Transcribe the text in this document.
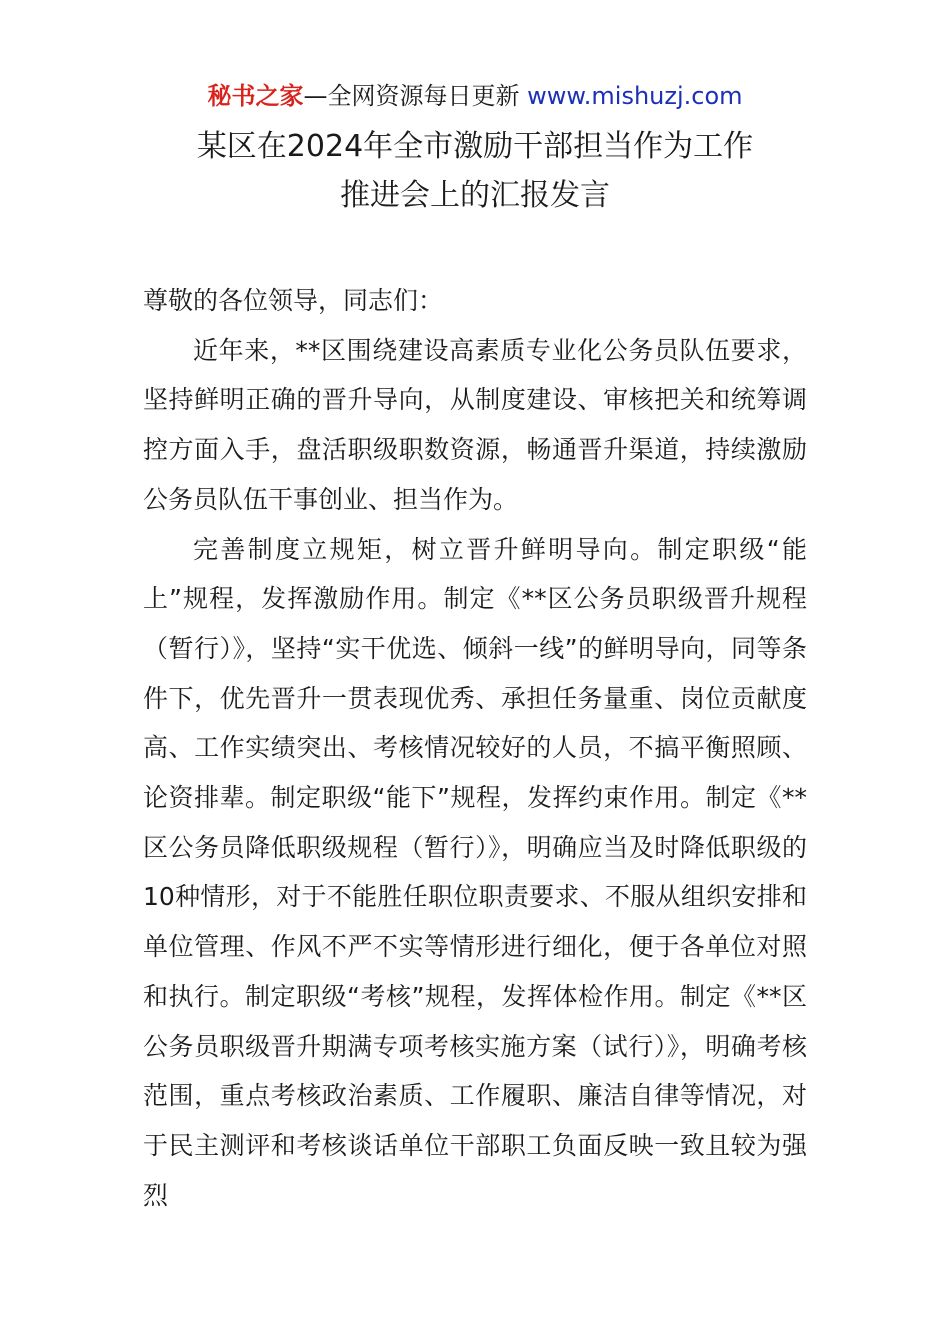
秘书之家—全网资源每日更新 www.mishuzj.com
某区在2024年全市激励干部担当作为工作
推进会上的汇报发言

尊敬的各位领导，同志们：

近年来，**区围绕建设高素质专业化公务员队伍要求，坚持鲜明正确的晋升导向，从制度建设、审核把关和统筹调控方面入手，盘活职级职数资源，畅通晋升渠道，持续激励公务员队伍干事创业、担当作为。

完善制度立规矩，树立晋升鲜明导向。制定职级“能上”规程，发挥激励作用。制定《**区公务员职级晋升规程（暂行）》，坚持“实干优选、倾斜一线”的鲜明导向，同等条件下，优先晋升一贯表现优秀、承担任务量重、岗位贡献度高、工作实绩突出、考核情况较好的人员，不搞平衡照顾、论资排辈。制定职级“能下”规程，发挥约束作用。制定《**区公务员降低职级规程（暂行）》，明确应当及时降低职级的10种情形，对于不能胜任职位职责要求、不服从组织安排和单位管理、作风不严不实等情形进行细化，便于各单位对照和执行。制定职级“考核”规程，发挥体检作用。制定《**区公务员职级晋升期满专项考核实施方案（试行）》，明确考核范围，重点考核政治素质、工作履职、廉洁自律等情况，对于民主测评和考核谈话单位干部职工负面反映一致且较为强烈
